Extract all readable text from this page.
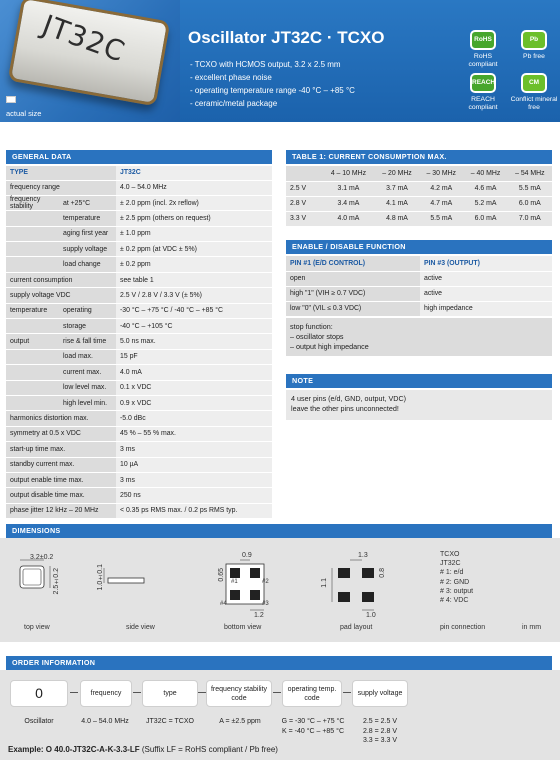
JT32C
actual size
Oscillator JT32C · TCXO
- TCXO with HCMOS output, 3.2 x 2.5 mm
- excellent phase noise
- operating temperature range -40 °C – +85 °C
- ceramic/metal package
RoHS
RoHS compliant
Pb
Pb free
REACH
REACH compliant
CM
Conflict mineral free
GENERAL DATA
TYPE		JT32C
frequency range		4.0 – 54.0 MHz
frequency stability	at +25°C	± 2.0 ppm (incl. 2x reflow)
	temperature	± 2.5 ppm (others on request)
	aging first year	± 1.0 ppm
	supply voltage	± 0.2 ppm (at VDC ± 5%)
	load change	± 0.2 ppm
current consumption		see table 1
supply voltage VDC		2.5 V / 2.8 V / 3.3 V (± 5%)
temperature	operating	-30 °C – +75 °C / -40 °C – +85 °C
	storage	-40 °C – +105 °C
output	rise & fall time	5.0 ns max.
	load max.	15 pF
	current max.	4.0 mA
	low level max.	0.1 x VDC
	high level min.	0.9 x VDC
harmonics distortion max.		-5.0 dBc
symmetry at 0.5 x VDC		45 % – 55 % max.
start-up time max.		3 ms
standby current max.		10 µA
output enable time max.		3 ms
output disable time max.		250 ns
phase jitter 12 kHz – 20 MHz		< 0.35 ps RMS max. / 0.2 ps RMS typ.
TABLE 1: CURRENT CONSUMPTION MAX.
	4 – 10 MHz	– 20 MHz	– 30 MHz	– 40 MHz	– 54 MHz
2.5 V	3.1 mA	3.7 mA	4.2 mA	4.6 mA	5.5 mA
2.8 V	3.4 mA	4.1 mA	4.7 mA	5.2 mA	6.0 mA
3.3 V	4.0 mA	4.8 mA	5.5 mA	6.0 mA	7.0 mA
ENABLE / DISABLE FUNCTION
PIN #1 (E/D CONTROL)	PIN #3 (OUTPUT)
open	active
high "1" (VIH ≥ 0.7 VDC)	active
low "0" (VIL ≤ 0.3 VDC)	high impedance
stop function:
– oscillator stops
– output high impedance
NOTE
4 user pins (e/d, GND, output, VDC)
leave the other pins unconnected!
DIMENSIONS
3.2±0.2
2.5±0.2	1.0±0.1
0.9
0.65
1.2
1.3
0.8
1.1
1.0
#1	#2
#3
#4
TCXO
JT32C
# 1: e/d
# 2: GND
# 3: output
# 4: VDC
top view	side view	bottom view	pad layout	pin connection	in mm
ORDER INFORMATION
0	frequency	type
frequency stability code
operating temp. code
supply voltage
Oscillator	4.0 – 54.0 MHz	JT32C = TCXO	A = ±2.5 ppm	G = -30 °C – +75 °C
K = -40 °C – +85 °C
2.5 = 2.5 V
2.8 = 2.8 V
3.3 = 3.3 V
Example: O 40.0-JT32C-A-K-3.3-LF (Suffix LF = RoHS compliant / Pb free)
